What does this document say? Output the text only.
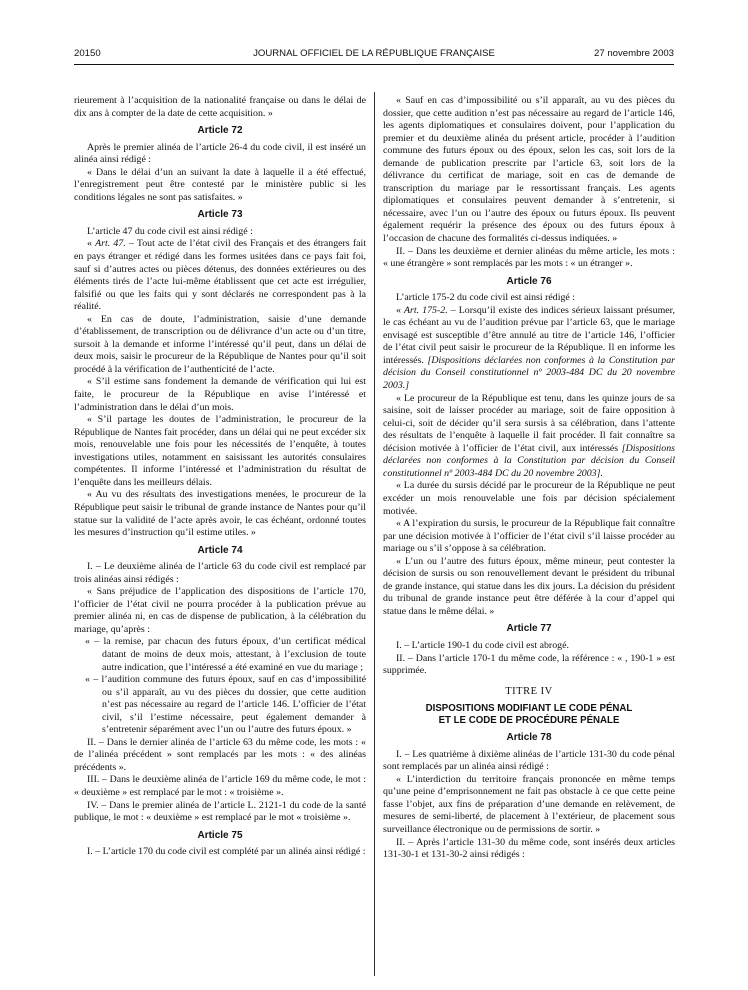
20150	JOURNAL OFFICIEL DE LA RÉPUBLIQUE FRANÇAISE	27 novembre 2003

rieurement à l’acquisition de la nationalité française ou dans le délai de dix ans à compter de la date de cette acquisition. »

Article 72

Après le premier alinéa de l’article 26-4 du code civil, il est inséré un alinéa ainsi rédigé :

« Dans le délai d’un an suivant la date à laquelle il a été effectué, l’enregistrement peut être contesté par le ministère public si les conditions légales ne sont pas satisfaites. »

Article 73

L’article 47 du code civil est ainsi rédigé :

« Art. 47. – Tout acte de l’état civil des Français et des étrangers fait en pays étranger et rédigé dans les formes usitées dans ce pays fait foi, sauf si d’autres actes ou pièces détenus, des données extérieures ou des éléments tirés de l’acte lui-même établissent que cet acte est irrégulier, falsifié ou que les faits qui y sont déclarés ne correspondent pas à la réalité.

« En cas de doute, l’administration, saisie d’une demande d’établissement, de transcription ou de délivrance d’un acte ou d’un titre, sursoit à la demande et informe l’intéressé qu’il peut, dans un délai de deux mois, saisir le procureur de la République de Nantes pour qu’il soit procédé à la vérification de l’authenticité de l’acte.

« S’il estime sans fondement la demande de vérification qui lui est faite, le procureur de la République en avise l’intéressé et l’administration dans le délai d’un mois.

« S’il partage les doutes de l’administration, le procureur de la République de Nantes fait procéder, dans un délai qui ne peut excéder six mois, renouvelable une fois pour les nécessités de l’enquête, à toutes investigations utiles, notamment en saisissant les autorités consulaires compétentes. Il informe l’intéressé et l’administration du résultat de l’enquête dans les meilleurs délais.

« Au vu des résultats des investigations menées, le procureur de la République peut saisir le tribunal de grande instance de Nantes pour qu’il statue sur la validité de l’acte après avoir, le cas échéant, ordonné toutes les mesures d’instruction qu’il estime utiles. »

Article 74

I. – Le deuxième alinéa de l’article 63 du code civil est remplacé par trois alinéas ainsi rédigés :

« Sans préjudice de l’application des dispositions de l’article 170, l’officier de l’état civil ne pourra procéder à la publication prévue au premier alinéa ni, en cas de dispense de publication, à la célébration du mariage, qu’après :

« – la remise, par chacun des futurs époux, d’un certificat médical datant de moins de deux mois, attestant, à l’exclusion de toute autre indication, que l’intéressé a été examiné en vue du mariage ;

« – l’audition commune des futurs époux, sauf en cas d’impossibilité ou s’il apparaît, au vu des pièces du dossier, que cette audition n’est pas nécessaire au regard de l’article 146. L’officier de l’état civil, s’il l’estime nécessaire, peut également demander à s’entretenir séparément avec l’un ou l’autre des futurs époux. »

II. – Dans le dernier alinéa de l’article 63 du même code, les mots : « de l’alinéa précédent » sont remplacés par les mots : « des alinéas précédents ».

III. – Dans le deuxième alinéa de l’article 169 du même code, le mot : « deuxième » est remplacé par le mot : « troisième ».

IV. – Dans le premier alinéa de l’article L. 2121-1 du code de la santé publique, le mot : « deuxième » est remplacé par le mot « troisième ».

Article 75

I. – L’article 170 du code civil est complété par un alinéa ainsi rédigé :

« Sauf en cas d’impossibilité ou s’il apparaît, au vu des pièces du dossier, que cette audition n’est pas nécessaire au regard de l’article 146, les agents diplomatiques et consulaires doivent, pour l’application du premier et du deuxième alinéa du présent article, procéder à l’audition commune des futurs époux ou des époux, selon les cas, soit lors de la demande de publication prescrite par l’article 63, soit lors de la délivrance du certificat de mariage, soit en cas de demande de transcription du mariage par le ressortissant français. Les agents diplomatiques et consulaires peuvent demander à s’entretenir, si nécessaire, avec l’un ou l’autre des époux ou futurs époux. Ils peuvent également requérir la présence des époux ou des futurs époux à l’occasion de chacune des formalités ci-dessus indiquées. »

II. – Dans les deuxième et dernier alinéas du même article, les mots : « une étrangère » sont remplacés par les mots : « un étranger ».

Article 76

L’article 175-2 du code civil est ainsi rédigé :

« Art. 175-2. – Lorsqu’il existe des indices sérieux laissant présumer, le cas échéant au vu de l’audition prévue par l’article 63, que le mariage envisagé est susceptible d’être annulé au titre de l’article 146, l’officier de l’état civil peut saisir le procureur de la République. Il en informe les intéressés. [Dispositions déclarées non conformes à la Constitution par décision du Conseil constitutionnel nº 2003-484 DC du 20 novembre 2003.]

« Le procureur de la République est tenu, dans les quinze jours de sa saisine, soit de laisser procéder au mariage, soit de faire opposition à celui-ci, soit de décider qu’il sera sursis à sa célébration, dans l’attente des résultats de l’enquête à laquelle il fait procéder. Il fait connaître sa décision motivée à l’officier de l’état civil, aux intéressés [Dispositions déclarées non conformes à la Constitution par décision du Conseil constitutionnel nº 2003-484 DC du 20 novembre 2003].

« La durée du sursis décidé par le procureur de la République ne peut excéder un mois renouvelable une fois par décision spécialement motivée.

« A l’expiration du sursis, le procureur de la République fait connaître par une décision motivée à l’officier de l’état civil s’il laisse procéder au mariage ou s’il s’oppose à sa célébration.

« L’un ou l’autre des futurs époux, même mineur, peut contester la décision de sursis ou son renouvellement devant le président du tribunal de grande instance, qui statue dans les dix jours. La décision du président du tribunal de grande instance peut être déférée à la cour d’appel qui statue dans le même délai. »

Article 77

I. – L’article 190-1 du code civil est abrogé.

II. – Dans l’article 170-1 du même code, la référence : « , 190-1 » est supprimée.

TITRE IV
DISPOSITIONS MODIFIANT LE CODE PÉNAL
ET LE CODE DE PROCÉDURE PÉNALE
Article 78

I. – Les quatrième à dixième alinéas de l’article 131-30 du code pénal sont remplacés par un alinéa ainsi rédigé :

« L’interdiction du territoire français prononcée en même temps qu’une peine d’emprisonnement ne fait pas obstacle à ce que cette peine fasse l’objet, aux fins de préparation d’une demande en relèvement, de mesures de semi-liberté, de placement à l’extérieur, de placement sous surveillance électronique ou de permissions de sortir. »

II. – Après l’article 131-30 du même code, sont insérés deux articles 131-30-1 et 131-30-2 ainsi rédigés :
